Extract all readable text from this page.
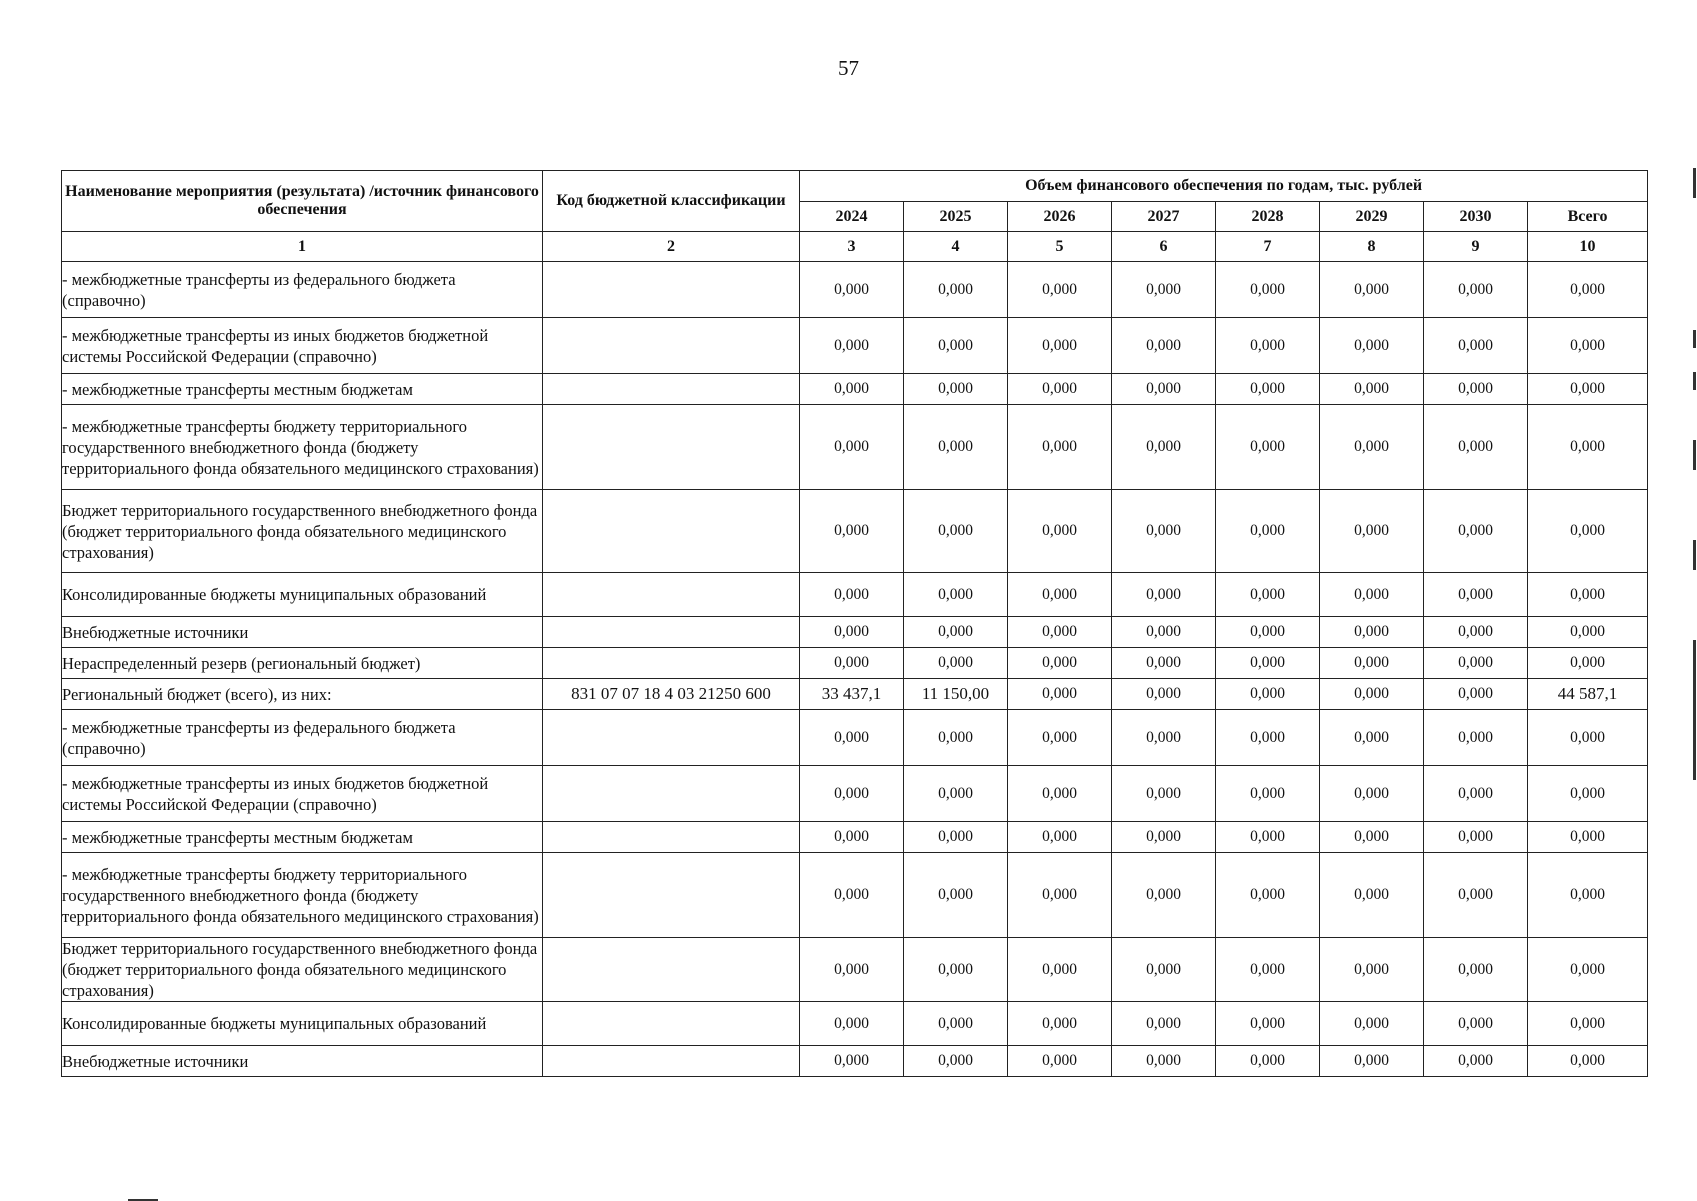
57
Наименование мероприятия (результата) /источник финансового обеспечения	Код бюджетной классификации	Объем финансового обеспечения по годам, тыс. рублей							
		2024	2025	2026	2027	2028	2029	2030	Всего
1	2	3	4	5	6	7	8	9	10
- межбюджетные трансферты из федерального бюджета (справочно)		0,000	0,000	0,000	0,000	0,000	0,000	0,000	0,000
- межбюджетные трансферты из иных бюджетов бюджетной системы Российской Федерации (справочно)		0,000	0,000	0,000	0,000	0,000	0,000	0,000	0,000
- межбюджетные трансферты местным бюджетам		0,000	0,000	0,000	0,000	0,000	0,000	0,000	0,000
- межбюджетные трансферты бюджету территориального государственного внебюджетного фонда (бюджету территориального фонда обязательного медицинского страхования)		0,000	0,000	0,000	0,000	0,000	0,000	0,000	0,000
Бюджет территориального государственного внебюджетного фонда (бюджет территориального фонда обязательного медицинского страхования)		0,000	0,000	0,000	0,000	0,000	0,000	0,000	0,000
Консолидированные бюджеты муниципальных образований		0,000	0,000	0,000	0,000	0,000	0,000	0,000	0,000
Внебюджетные источники		0,000	0,000	0,000	0,000	0,000	0,000	0,000	0,000
Нераспределенный резерв (региональный бюджет)		0,000	0,000	0,000	0,000	0,000	0,000	0,000	0,000
Региональный бюджет (всего), из них:	831 07 07 18 4 03 21250 600	33 437,1	11 150,00	0,000	0,000	0,000	0,000	0,000	44 587,1
- межбюджетные трансферты из федерального бюджета (справочно)		0,000	0,000	0,000	0,000	0,000	0,000	0,000	0,000
- межбюджетные трансферты из иных бюджетов бюджетной системы Российской Федерации (справочно)		0,000	0,000	0,000	0,000	0,000	0,000	0,000	0,000
- межбюджетные трансферты местным бюджетам		0,000	0,000	0,000	0,000	0,000	0,000	0,000	0,000
- межбюджетные трансферты бюджету территориального государственного внебюджетного фонда (бюджету территориального фонда обязательного медицинского страхования)		0,000	0,000	0,000	0,000	0,000	0,000	0,000	0,000
Бюджет территориального государственного внебюджетного фонда (бюджет территориального фонда обязательного медицинского страхования)		0,000	0,000	0,000	0,000	0,000	0,000	0,000	0,000
Консолидированные бюджеты муниципальных образований		0,000	0,000	0,000	0,000	0,000	0,000	0,000	0,000
Внебюджетные источники		0,000	0,000	0,000	0,000	0,000	0,000	0,000	0,000
